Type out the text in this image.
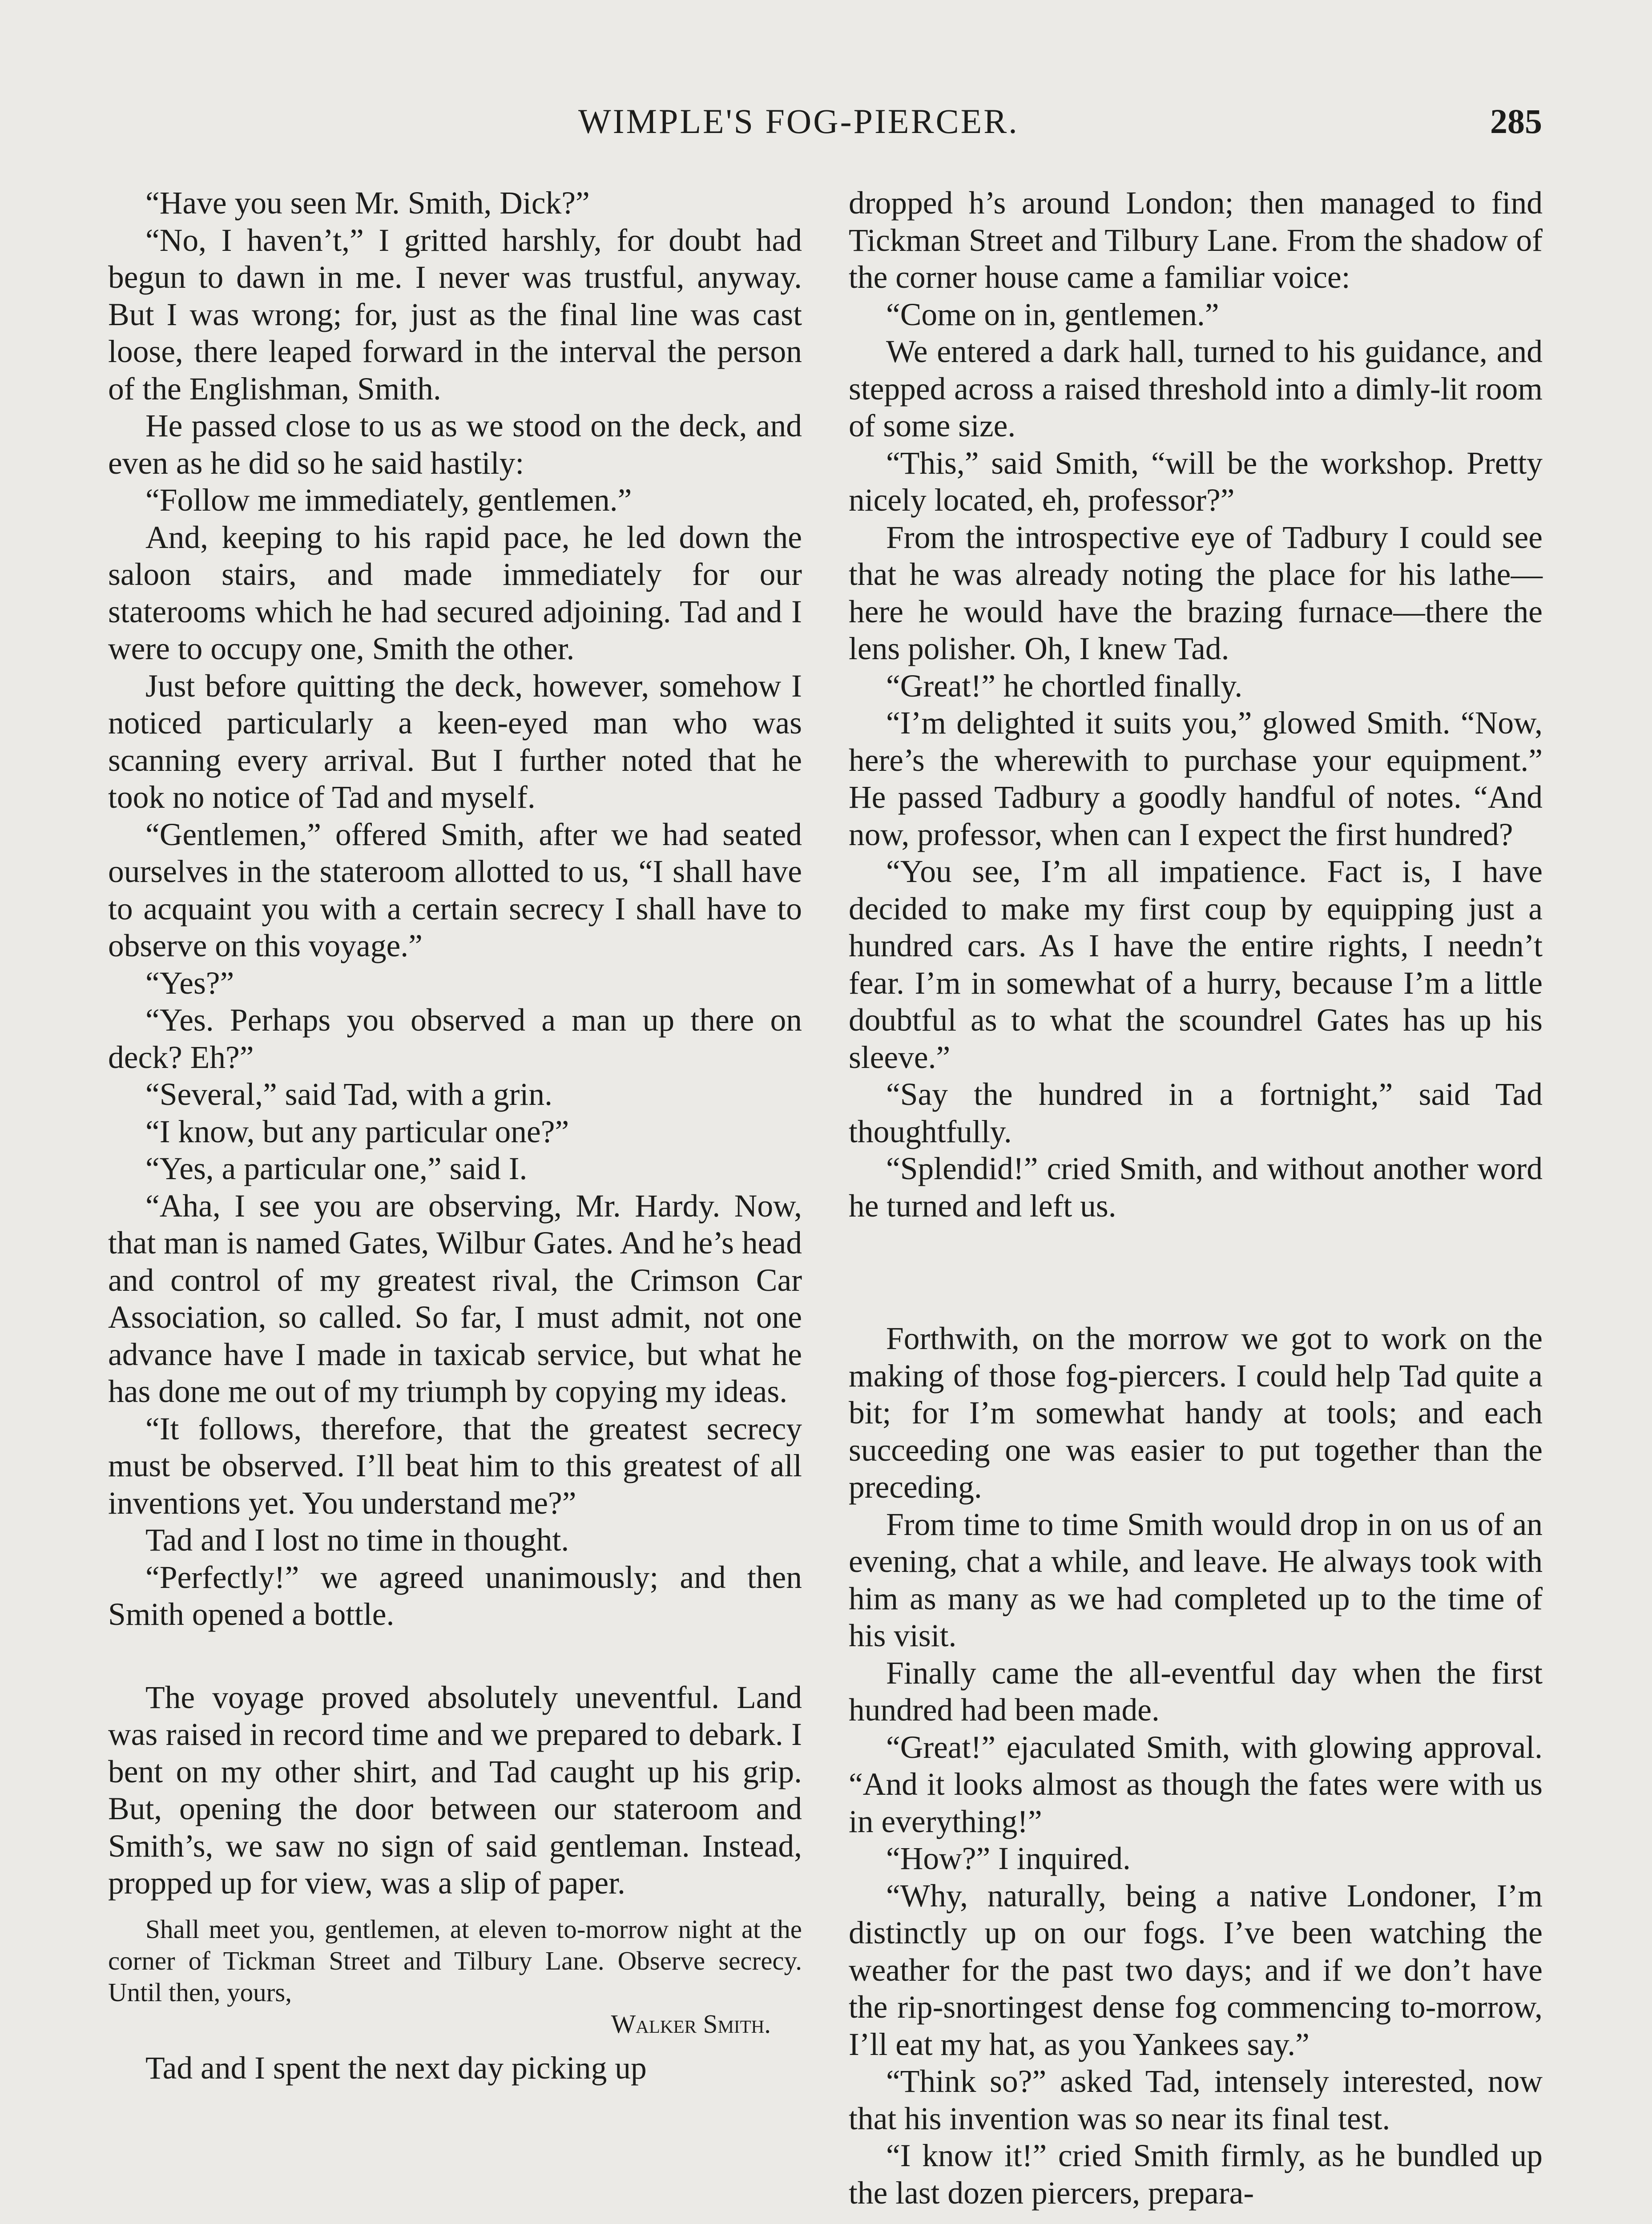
WIMPLE'S FOG-PIERCER.	285

“Have you seen Mr. Smith, Dick?”

“No, I haven’t,” I gritted harshly, for doubt had begun to dawn in me. I never was trustful, anyway. But I was wrong; for, just as the final line was cast loose, there leaped forward in the interval the person of the Englishman, Smith.

He passed close to us as we stood on the deck, and even as he did so he said hastily:

“Follow me immediately, gentlemen.”

And, keeping to his rapid pace, he led down the saloon stairs, and made immediately for our staterooms which he had secured adjoining. Tad and I were to occupy one, Smith the other.

Just before quitting the deck, however, somehow I noticed particularly a keen-eyed man who was scanning every arrival. But I further noted that he took no notice of Tad and myself.

“Gentlemen,” offered Smith, after we had seated ourselves in the stateroom allotted to us, “I shall have to acquaint you with a certain secrecy I shall have to observe on this voyage.”

“Yes?”

“Yes. Perhaps you observed a man up there on deck? Eh?”

“Several,” said Tad, with a grin.

“I know, but any particular one?”

“Yes, a particular one,” said I.

“Aha, I see you are observing, Mr. Hardy. Now, that man is named Gates, Wilbur Gates. And he’s head and control of my greatest rival, the Crimson Car Association, so called. So far, I must admit, not one advance have I made in taxicab service, but what he has done me out of my triumph by copying my ideas.

“It follows, therefore, that the greatest secrecy must be observed. I’ll beat him to this greatest of all inventions yet. You understand me?”

Tad and I lost no time in thought.

“Perfectly!” we agreed unanimously; and then Smith opened a bottle.

The voyage proved absolutely uneventful. Land was raised in record time and we prepared to debark. I bent on my other shirt, and Tad caught up his grip. But, opening the door between our stateroom and Smith’s, we saw no sign of said gentleman. Instead, propped up for view, was a slip of paper.

Shall meet you, gentlemen, at eleven to-morrow night at the corner of Tickman Street and Tilbury Lane. Observe secrecy. Until then, yours,

Walker Smith.

Tad and I spent the next day picking up

dropped h’s around London; then managed to find Tickman Street and Tilbury Lane. From the shadow of the corner house came a familiar voice:

“Come on in, gentlemen.”

We entered a dark hall, turned to his guidance, and stepped across a raised threshold into a dimly-lit room of some size.

“This,” said Smith, “will be the workshop. Pretty nicely located, eh, professor?”

From the introspective eye of Tadbury I could see that he was already noting the place for his lathe—here he would have the brazing furnace—there the lens polisher. Oh, I knew Tad.

“Great!” he chortled finally.

“I’m delighted it suits you,” glowed Smith. “Now, here’s the wherewith to purchase your equipment.” He passed Tadbury a goodly handful of notes. “And now, professor, when can I expect the first hundred?

“You see, I’m all impatience. Fact is, I have decided to make my first coup by equipping just a hundred cars. As I have the entire rights, I needn’t fear. I’m in somewhat of a hurry, because I’m a little doubtful as to what the scoundrel Gates has up his sleeve.”

“Say the hundred in a fortnight,” said Tad thoughtfully.

“Splendid!” cried Smith, and without another word he turned and left us.

Forthwith, on the morrow we got to work on the making of those fog-piercers. I could help Tad quite a bit; for I’m somewhat handy at tools; and each succeeding one was easier to put together than the preceding.

From time to time Smith would drop in on us of an evening, chat a while, and leave. He always took with him as many as we had completed up to the time of his visit.

Finally came the all-eventful day when the first hundred had been made.

“Great!” ejaculated Smith, with glowing approval. “And it looks almost as though the fates were with us in everything!”

“How?” I inquired.

“Why, naturally, being a native Londoner, I’m distinctly up on our fogs. I’ve been watching the weather for the past two days; and if we don’t have the rip-snortingest dense fog commencing to-morrow, I’ll eat my hat, as you Yankees say.”

“Think so?” asked Tad, intensely interested, now that his invention was so near its final test.

“I know it!” cried Smith firmly, as he bundled up the last dozen piercers, prepara-
